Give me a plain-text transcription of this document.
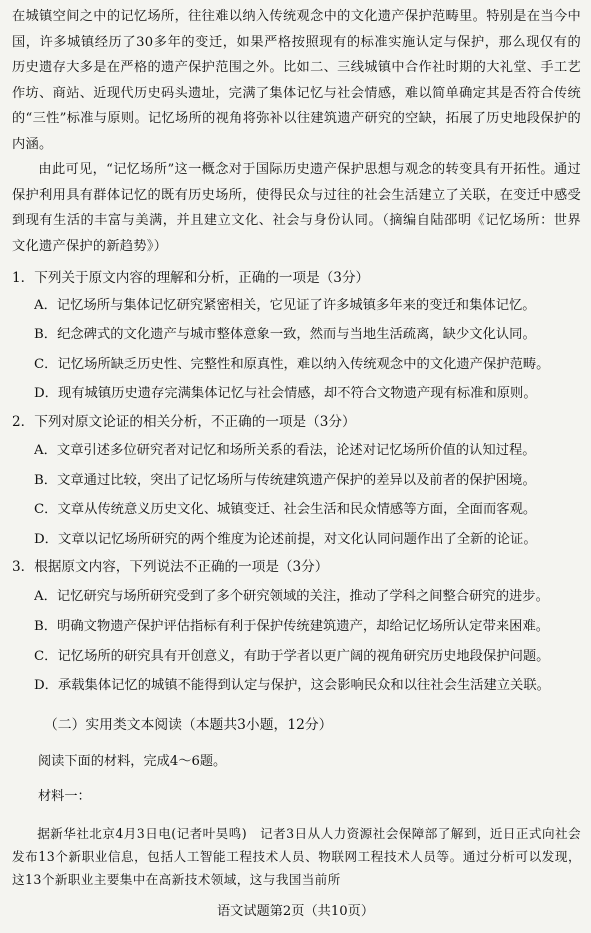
在城镇空间之中的记忆场所，往往难以纳入传统观念中的文化遗产保护范畴里。特别是在当今中国，许多城镇经历了30多年的变迁，如果严格按照现有的标准实施认定与保护，那么现仅有的历史遗存大多是在严格的遗产保护范围之外。比如二、三线城镇中合作社时期的大礼堂、手工艺作坊、商站、近现代历史码头遗址，完满了集体记忆与社会情感，难以简单确定其是否符合传统的“三性”标准与原则。记忆场所的视角将弥补以往建筑遗产研究的空缺，拓展了历史地段保护的内涵。
由此可见，“记忆场所”这一概念对于国际历史遗产保护思想与观念的转变具有开拓性。通过保护利用具有群体记忆的既有历史场所，使得民众与过往的社会生活建立了关联，在变迁中感受到现有生活的丰富与美满，并且建立文化、社会与身份认同。（摘编自陆邵明《记忆场所：世界文化遗产保护的新趋势》）
1．下列关于原文内容的理解和分析，正确的一项是（3分）
A．记忆场所与集体记忆研究紧密相关，它见证了许多城镇多年来的变迁和集体记忆。
B．纪念碑式的文化遗产与城市整体意象一致，然而与当地生活疏离，缺少文化认同。
C．记忆场所缺乏历史性、完整性和原真性，难以纳入传统观念中的文化遗产保护范畴。
D．现有城镇历史遗存完满集体记忆与社会情感，却不符合文物遗产现有标准和原则。
2．下列对原文论证的相关分析，不正确的一项是（3分）
A．文章引述多位研究者对记忆和场所关系的看法，论述对记忆场所价值的认知过程。
B．文章通过比较，突出了记忆场所与传统建筑遗产保护的差异以及前者的保护困境。
C．文章从传统意义历史文化、城镇变迁、社会生活和民众情感等方面，全面而客观。
D．文章以记忆场所研究的两个维度为论述前提，对文化认同问题作出了全新的论证。
3．根据原文内容，下列说法不正确的一项是（3分）
A．记忆研究与场所研究受到了多个研究领域的关注，推动了学科之间整合研究的进步。
B．明确文物遗产保护评估指标有利于保护传统建筑遗产，却给记忆场所认定带来困难。
C．记忆场所的研究具有开创意义，有助于学者以更广阔的视角研究历史地段保护问题。
D．承载集体记忆的城镇不能得到认定与保护，这会影响民众和以往社会生活建立关联。
（二）实用类文本阅读（本题共3小题，12分）
阅读下面的材料，完成4～6题。
材料一：
据新华社北京4月3日电(记者叶昊鸣)　记者3日从人力资源社会保障部了解到，近日正式向社会发布13个新职业信息，包括人工智能工程技术人员、物联网工程技术人员等。通过分析可以发现，这13个新职业主要集中在高新技术领域，这与我国当前所
语文试题第2页（共10页）
